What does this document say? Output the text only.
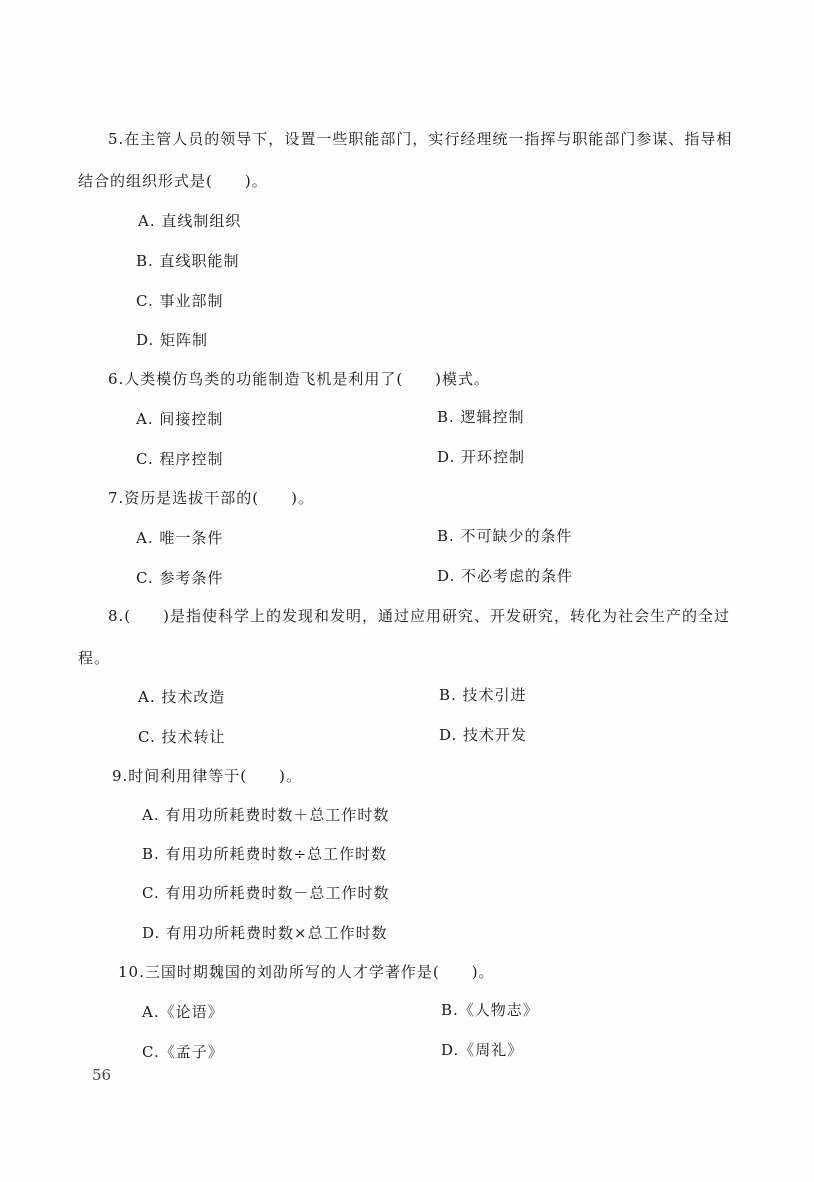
5.在主管人员的领导下，设置一些职能部门，实行经理统一指挥与职能部门参谋、指导相
结合的组织形式是(　　)。
A. 直线制组织
B. 直线职能制
C. 事业部制
D. 矩阵制
6.人类模仿鸟类的功能制造飞机是利用了(　　)模式。
A. 间接控制	B. 逻辑控制
C. 程序控制	D. 开环控制
7.资历是选拔干部的(　　)。
A. 唯一条件	B. 不可缺少的条件
C. 参考条件	D. 不必考虑的条件
8.(　　)是指使科学上的发现和发明，通过应用研究、开发研究，转化为社会生产的全过
程。
A. 技术改造	B. 技术引进
C. 技术转让	D. 技术开发
9.时间利用律等于(　　)。
A. 有用功所耗费时数＋总工作时数
B. 有用功所耗费时数÷总工作时数
C. 有用功所耗费时数－总工作时数
D. 有用功所耗费时数×总工作时数
10.三国时期魏国的刘劭所写的人才学著作是(　　)。
A.《论语》	B.《人物志》
C.《孟子》	D.《周礼》
56
